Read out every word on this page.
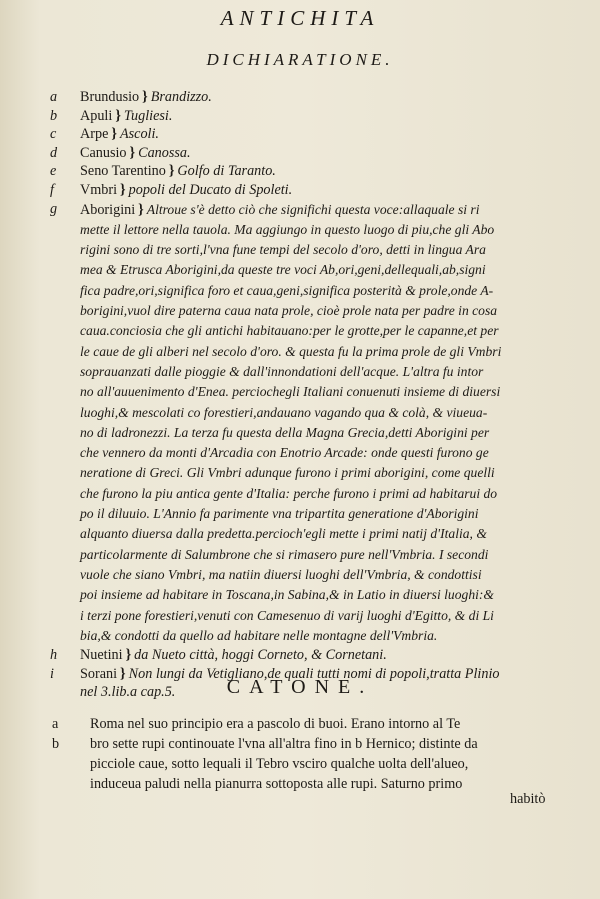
ANTICHITA
DICHIARATIONE.
a	Brundusio } Brandizzo.
b	Apuli } Tugliesi.
c	Arpe } Ascoli.
d	Canusio } Canossa.
e	Seno Tarentino } Golfo di Taranto.
f	Vmbri } popoli del Ducato di Spoleti.
g	Aborigini } Altroue s'è detto ciò che significhi questa voce:allaquale si ri
mette il lettore nella tauola. Ma aggiungo in questo luogo di piu,che gli Abo
rigini sono di tre sorti,l'vna fune tempi del secolo d'oro, detti in lingua Ara
mea & Etrusca Aborigini,da queste tre voci Ab,ori,geni,dellequali,ab,signi
fica padre,ori,significa foro et caua,geni,significa posterità & prole,onde A-
borigini,vuol dire paterna caua nata prole, cioè prole nata per padre in cosa
caua.conciosia che gli antichi habitauano:per le grotte,per le capanne,et per
le caue de gli alberi nel secolo d'oro. & questa fu la prima prole de gli Vmbri
soprauanzati dalle pioggie & dall'innondationi dell'acque. L'altra fu intor
no all'auuenimento d'Enea. perciochegli Italiani conuenuti insieme di diuersi
luoghi,& mescolati co forestieri,andauano vagando qua & colà, & viueua-
no di ladronezzi. La terza fu questa della Magna Grecia,detti Aborigini per
che vennero da monti d'Arcadia con Enotrio Arcade: onde questi furono ge
neratione di Greci. Gli Vmbri adunque furono i primi aborigini, come quelli
che furono la piu antica gente d'Italia: perche furono i primi ad habitarui do
po il diluuio. L'Annio fa parimente vna tripartita generatione d'Aborigini
alquanto diuersa dalla predetta.percioch'egli mette i primi natij d'Italia, &
particolarmente di Salumbrone che si rimasero pure nell'Vmbria. I secondi
vuole che siano Vmbri, ma natiin diuersi luoghi dell'Vmbria, & condottisi
poi insieme ad habitare in Toscana,in Sabina,& in Latio in diuersi luoghi:&
i terzi pone forestieri,venuti con Camesenuo di varij luoghi d'Egitto, & di Li
bia,& condotti da quello ad habitare nelle montagne dell'Vmbria.
h	Nuetini } da Nueto città, hoggi Corneto, & Cornetani.
i	Sorani } Non lungi da Vetigliano,de quali tutti nomi di popoli,tratta Plinio
nel 3.lib.a cap.5.	CATONE.
a	Roma nel suo principio era a pascolo di buoi. Erano intorno al Te
b	bro sette rupi continouate l'vna all'altra fino in b Hernico; distinte da
picciole caue, sotto lequali il Tebro vsciro qualche uolta dell'alueo,
induceua paludi nella pianurra sottoposta alle rupi. Saturno primo
habitò
